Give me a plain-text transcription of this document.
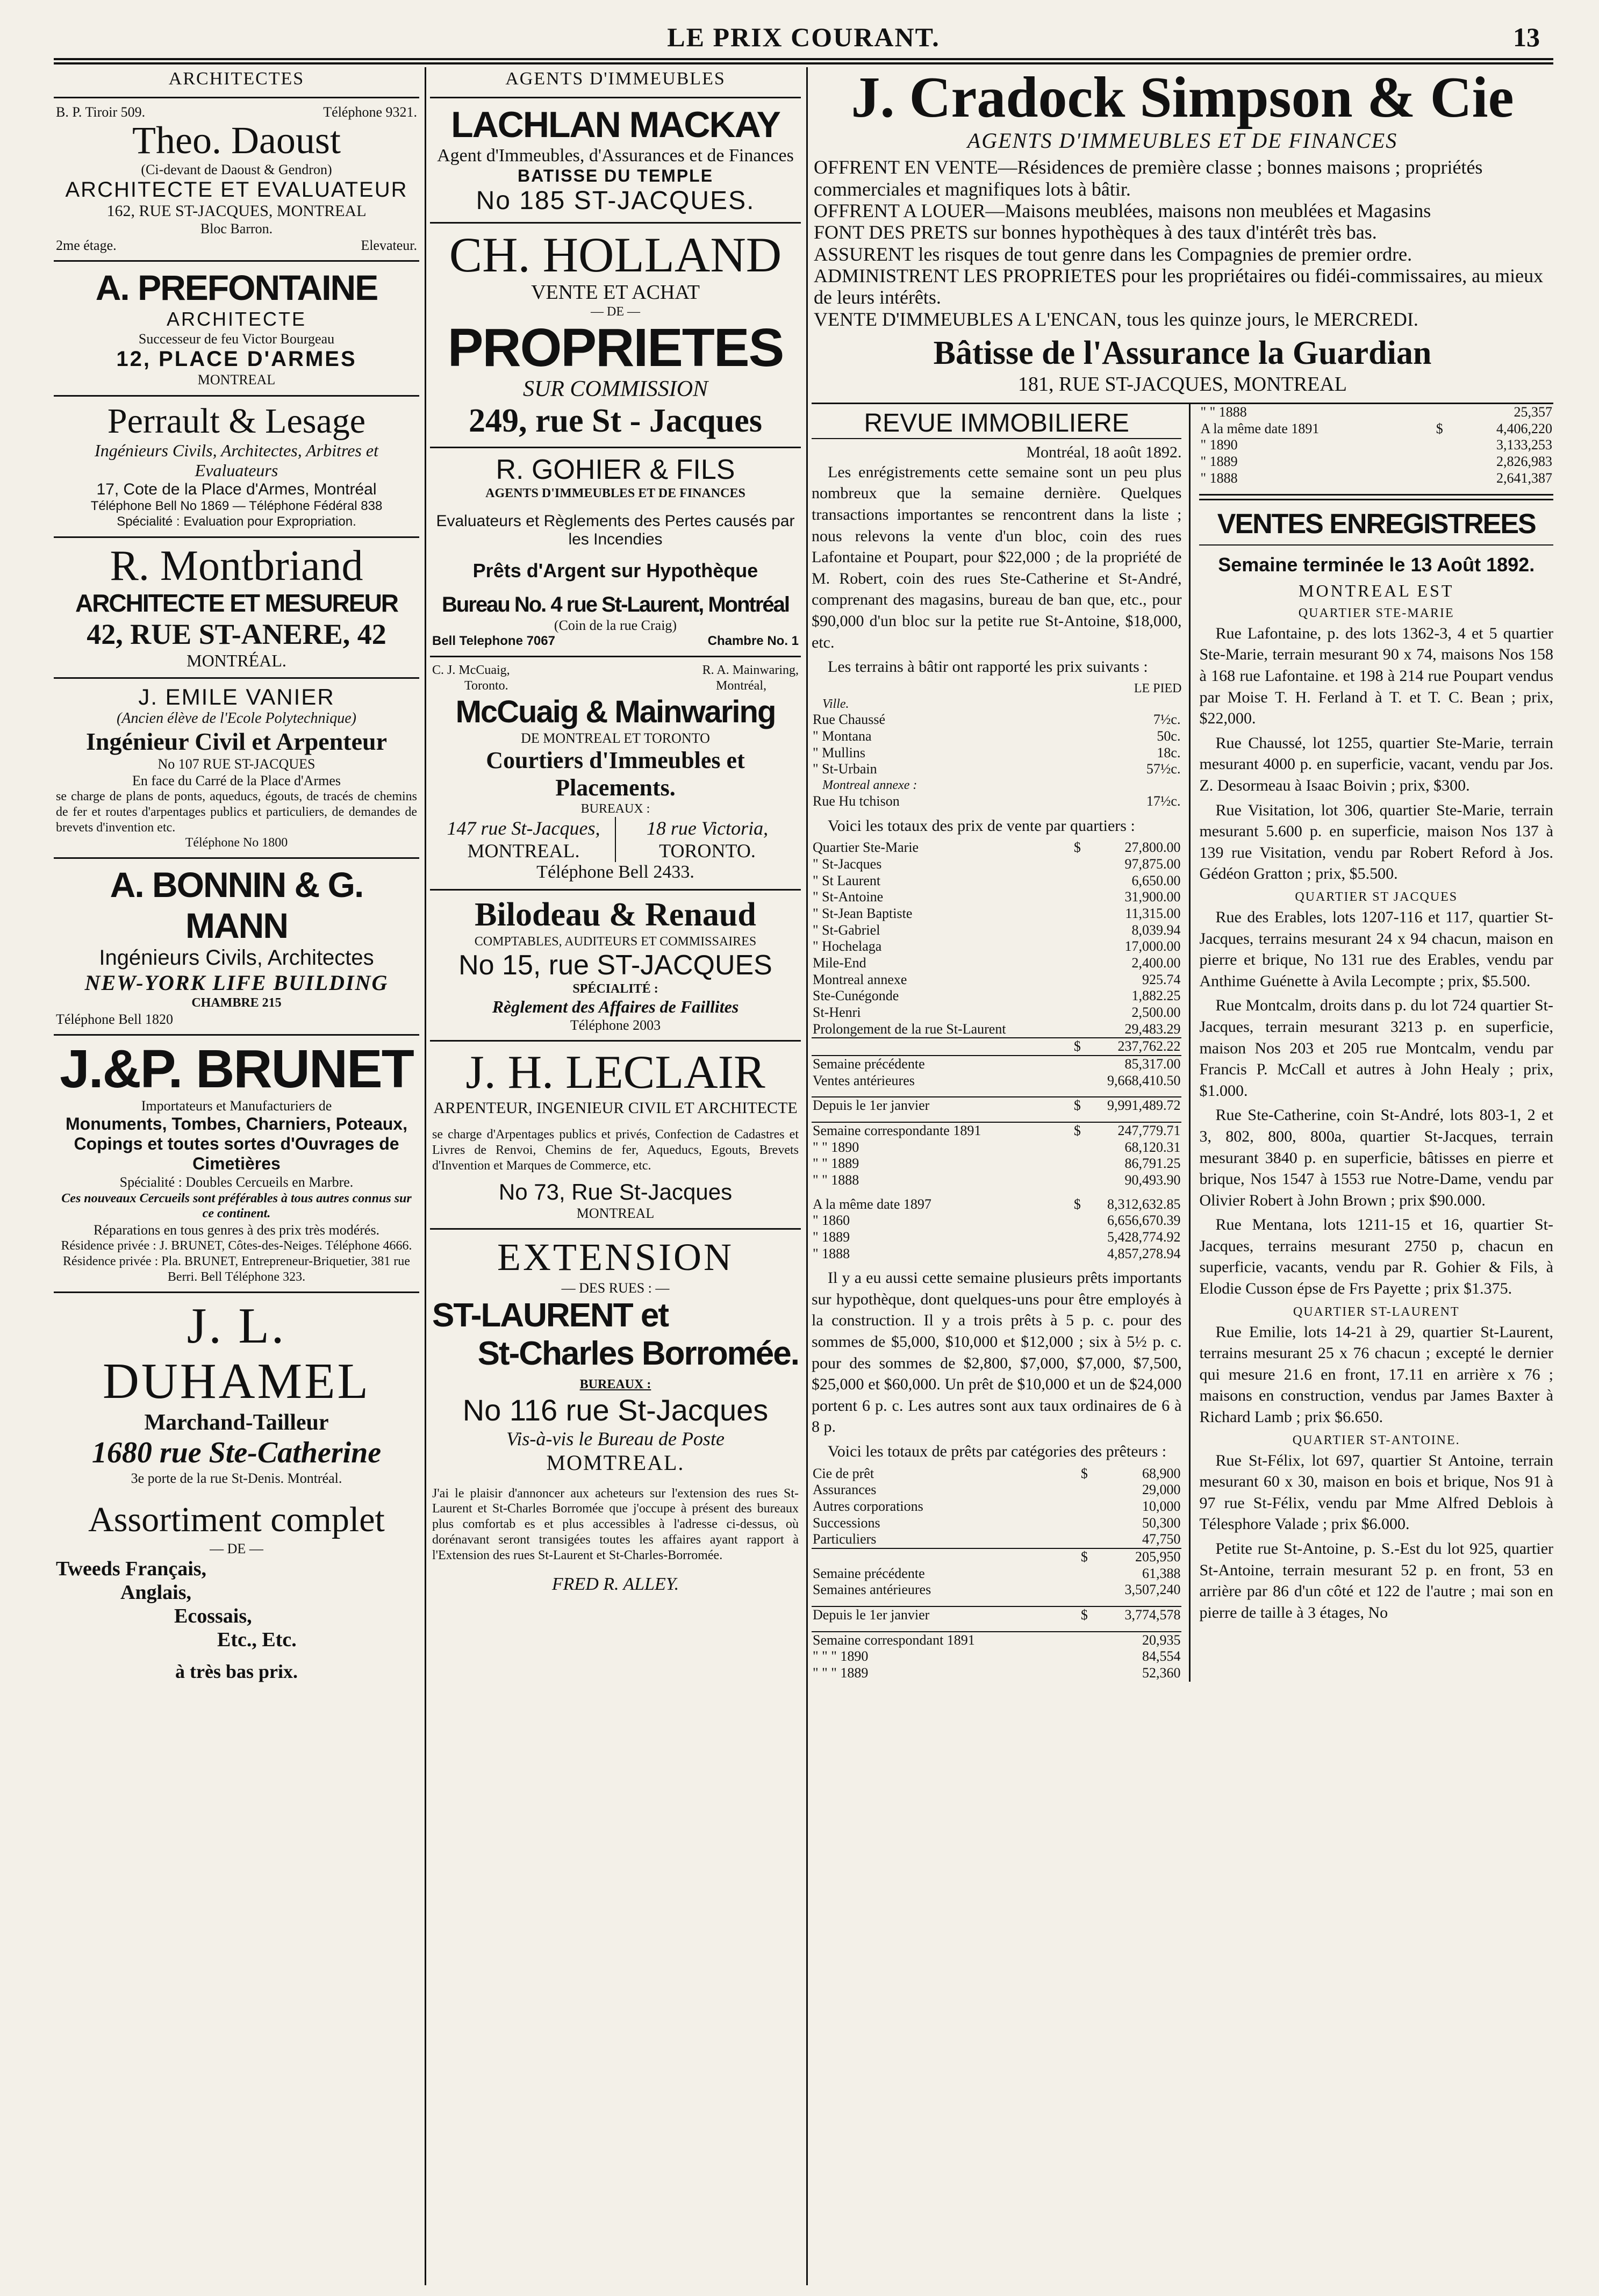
LE PRIX COURANT.	13
ARCHITECTES
B. P. Tiroir 509.	Téléphone 9321.
Theo. Daoust
(Ci-devant de Daoust & Gendron)
ARCHITECTE ET EVALUATEUR
162, RUE ST-JACQUES, MONTREAL
Bloc Barron.
2me étage.	Elevateur.
A. PREFONTAINE
ARCHITECTE
Successeur de feu Victor Bourgeau
12, PLACE D'ARMES
MONTREAL
Perrault & Lesage
Ingénieurs Civils, Architectes, Arbitres et Evaluateurs
17, Cote de la Place d'Armes, Montréal
Téléphone Bell No 1869 — Téléphone Fédéral 838
Spécialité : Evaluation pour Expropriation.
R. Montbriand
ARCHITECTE ET MESUREUR
42, RUE ST-ANERE, 42
MONTRÉAL.
J. EMILE VANIER
(Ancien élève de l'Ecole Polytechnique)
Ingénieur Civil et Arpenteur
No 107 RUE ST-JACQUES
En face du Carré de la Place d'Armes
se charge de plans de ponts, aqueducs, égouts, de tracés de chemins de fer et routes d'arpentages publics et particuliers, de demandes de brevets d'invention etc.
Téléphone No 1800
A. BONNIN & G. MANN
Ingénieurs Civils, Architectes
NEW-YORK LIFE BUILDING
CHAMBRE 215
Téléphone Bell 1820
J.&P. BRUNET
Importateurs et Manufacturiers de
Monuments, Tombes, Charniers, Poteaux, Copings et toutes sortes d'Ouvrages de Cimetières
Spécialité : Doubles Cercueils en Marbre.
Ces nouveaux Cercueils sont préférables à tous autres connus sur ce continent.
Réparations en tous genres à des prix très modérés.
Résidence privée : J. BRUNET, Côtes-des-Neiges. Téléphone 4666.
Résidence privée : Pla. BRUNET, Entrepreneur-Briquetier, 381 rue Berri. Bell Téléphone 323.
J. L. DUHAMEL
Marchand-Tailleur
1680 rue Ste-Catherine
3e porte de la rue St-Denis. Montréal.
Assortiment complet
— DE —
Tweeds Français,
Anglais,
Ecossais,
Etc., Etc.
à très bas prix.
AGENTS D'IMMEUBLES
LACHLAN MACKAY
Agent d'Immeubles, d'Assurances et de Finances
BATISSE DU TEMPLE
No 185 ST-JACQUES.
CH. HOLLAND
VENTE ET ACHAT
— DE —
PROPRIETES
SUR COMMISSION
249, rue St - Jacques
R. GOHIER & FILS
AGENTS D'IMMEUBLES ET DE FINANCES
Evaluateurs et Règlements des Pertes causés par les Incendies
Prêts d'Argent sur Hypothèque
Bureau No. 4 rue St-Laurent, Montréal
(Coin de la rue Craig)
Bell Telephone 7067	Chambre No. 1
C. J. McCuaig,	R. A. Mainwaring,
Toronto.	Montréal,
McCuaig & Mainwaring
DE MONTREAL ET TORONTO
Courtiers d'Immeubles et Placements.
BUREAUX :
147 rue St-Jacques,
MONTREAL.
18 rue Victoria,
TORONTO.
Téléphone Bell 2433.
Bilodeau & Renaud
COMPTABLES, AUDITEURS ET COMMISSAIRES
No 15, rue ST-JACQUES
SPÉCIALITÉ :
Règlement des Affaires de Faillites
Téléphone 2003
J. H. LECLAIR
ARPENTEUR, INGENIEUR CIVIL ET ARCHITECTE
se charge d'Arpentages publics et privés, Confection de Cadastres et Livres de Renvoi, Chemins de fer, Aqueducs, Egouts, Brevets d'Invention et Marques de Commerce, etc.
No 73, Rue St-Jacques
MONTREAL
EXTENSION
— DES RUES : —
ST-LAURENT et
St-Charles Borromée.
BUREAUX :
No 116 rue St-Jacques
Vis-à-vis le Bureau de Poste
MOMTREAL.
J'ai le plaisir d'annoncer aux acheteurs sur l'extension des rues St-Laurent et St-Charles Borromée que j'occupe à présent des bureaux plus comfortab es et plus accessibles à l'adresse ci-dessus, où dorénavant seront transigées toutes les affaires ayant rapport à l'Extension des rues St-Laurent et St-Charles-Borromée.
FRED R. ALLEY.
J. Cradock Simpson & Cie
AGENTS D'IMMEUBLES ET DE FINANCES
OFFRENT EN VENTE—Résidences de première classe ; bonnes maisons ; propriétés commerciales et magnifiques lots à bâtir.
OFFRENT A LOUER—Maisons meublées, maisons non meublées et Magasins
FONT DES PRETS sur bonnes hypothèques à des taux d'intérêt très bas.
ASSURENT les risques de tout genre dans les Compagnies de premier ordre.
ADMINISTRENT LES PROPRIETES pour les propriétaires ou fidéi-commissaires, au mieux de leurs intérêts.
VENTE D'IMMEUBLES A L'ENCAN, tous les quinze jours, le MERCREDI.
Bâtisse de l'Assurance la Guardian
181, RUE ST-JACQUES, MONTREAL
REVUE IMMOBILIERE
Montréal, 18 août 1892.

Les enrégistrements cette semaine sont un peu plus nombreux que la semaine dernière. Quelques transactions importantes se rencontrent dans la liste ; nous relevons la vente d'un bloc, coin des rues Lafontaine et Poupart, pour $22,000 ; de la propriété de M. Robert, coin des rues Ste-Catherine et St-André, comprenant des magasins, bureau de ban que, etc., pour $90,000 d'un bloc sur la petite rue St-Antoine, $18,000, etc.

Les terrains à bâtir ont rapporté les prix suivants :

LE PIED
Ville.
Rue Chaussé	7½c.
" Montana	50c.
" Mullins	18c.
" St-Urbain	57½c.
Montreal annexe :
Rue Hu tchison	17½c.

Voici les totaux des prix de vente par quartiers :

Quartier Ste-Marie	$	27,800.00
" St-Jacques		97,875.00
" St Laurent		6,650.00
" St-Antoine		31,900.00
" St-Jean Baptiste		11,315.00
" St-Gabriel		8,039.94
" Hochelaga		17,000.00
Mile-End		2,400.00
Montreal annexe		925.74
Ste-Cunégonde		1,882.25
St-Henri		2,500.00
Prolongement de la rue St-Laurent		29,483.29
	$	237,762.22
Semaine précédente		85,317.00
Ventes antérieures		9,668,410.50

Depuis le 1er janvier	$	9,991,489.72

Semaine correspondante 1891	$	247,779.71
" " 1890		68,120.31
" " 1889		86,791.25
" " 1888		90,493.90

A la même date 1897	$	8,312,632.85
" 1860		6,656,670.39
" 1889		5,428,774.92
" 1888		4,857,278.94

Il y a eu aussi cette semaine plusieurs prêts importants sur hypothèque, dont quelques-uns pour être employés à la construction. Il y a trois prêts à 5 p. c. pour des sommes de $5,000, $10,000 et $12,000 ; six à 5½ p. c. pour des sommes de $2,800, $7,000, $7,000, $7,500, $25,000 et $60,000. Un prêt de $10,000 et un de $24,000 portent 6 p. c. Les autres sont aux taux ordinaires de 6 à 8 p.

Voici les totaux de prêts par catégories des prêteurs :

Cie de prêt	$	68,900
Assurances		29,000
Autres corporations		10,000
Successions		50,300
Particuliers		47,750
	$	205,950
Semaine précédente		61,388
Semaines antérieures		3,507,240

Depuis le 1er janvier	$	3,774,578

Semaine correspondant 1891		20,935
" " " 1890		84,554
" " " 1889		52,360
" " 1888		25,357
A la même date 1891	$	4,406,220
" 1890		3,133,253
" 1889		2,826,983
" 1888		2,641,387
VENTES ENREGISTREES
Semaine terminée le 13 Août 1892.
MONTREAL EST
QUARTIER STE-MARIE

Rue Lafontaine, p. des lots 1362-3, 4 et 5 quartier Ste-Marie, terrain mesurant 90 x 74, maisons Nos 158 à 168 rue Lafontaine. et 198 à 214 rue Poupart vendus par Moise T. H. Ferland à T. et T. C. Bean ; prix, $22,000.

Rue Chaussé, lot 1255, quartier Ste-Marie, terrain mesurant 4000 p. en superficie, vacant, vendu par Jos. Z. Desormeau à Isaac Boivin ; prix, $300.

Rue Visitation, lot 306, quartier Ste-Marie, terrain mesurant 5.600 p. en superficie, maison Nos 137 à 139 rue Visitation, vendu par Robert Reford à Jos. Gédéon Gratton ; prix, $5.500.

QUARTIER ST JACQUES

Rue des Erables, lots 1207-116 et 117, quartier St-Jacques, terrains mesurant 24 x 94 chacun, maison en pierre et brique, No 131 rue des Erables, vendu par Anthime Guénette à Avila Lecompte ; prix, $5.500.

Rue Montcalm, droits dans p. du lot 724 quartier St-Jacques, terrain mesurant 3213 p. en superficie, maison Nos 203 et 205 rue Montcalm, vendu par Francis P. McCall et autres à John Healy ; prix, $1.000.

Rue Ste-Catherine, coin St-André, lots 803-1, 2 et 3, 802, 800, 800a, quartier St-Jacques, terrain mesurant 3840 p. en superficie, bâtisses en pierre et brique, Nos 1547 à 1553 rue Notre-Dame, vendu par Olivier Robert à John Brown ; prix $90.000.

Rue Mentana, lots 1211-15 et 16, quartier St-Jacques, terrains mesurant 2750 p, chacun en superficie, vacants, vendu par R. Gohier & Fils, à Elodie Cusson épse de Frs Payette ; prix $1.375.

QUARTIER ST-LAURENT

Rue Emilie, lots 14-21 à 29, quartier St-Laurent, terrains mesurant 25 x 76 chacun ; excepté le dernier qui mesure 21.6 en front, 17.11 en arrière x 76 ; maisons en construction, vendus par James Baxter à Richard Lamb ; prix $6.650.

QUARTIER ST-ANTOINE.

Rue St-Félix, lot 697, quartier St Antoine, terrain mesurant 60 x 30, maison en bois et brique, Nos 91 à 97 rue St-Félix, vendu par Mme Alfred Deblois à Télesphore Valade ; prix $6.000.

Petite rue St-Antoine, p. S.-Est du lot 925, quartier St-Antoine, terrain mesurant 52 p. en front, 53 en arrière par 86 d'un côté et 122 de l'autre ; mai son en pierre de taille à 3 étages, No
